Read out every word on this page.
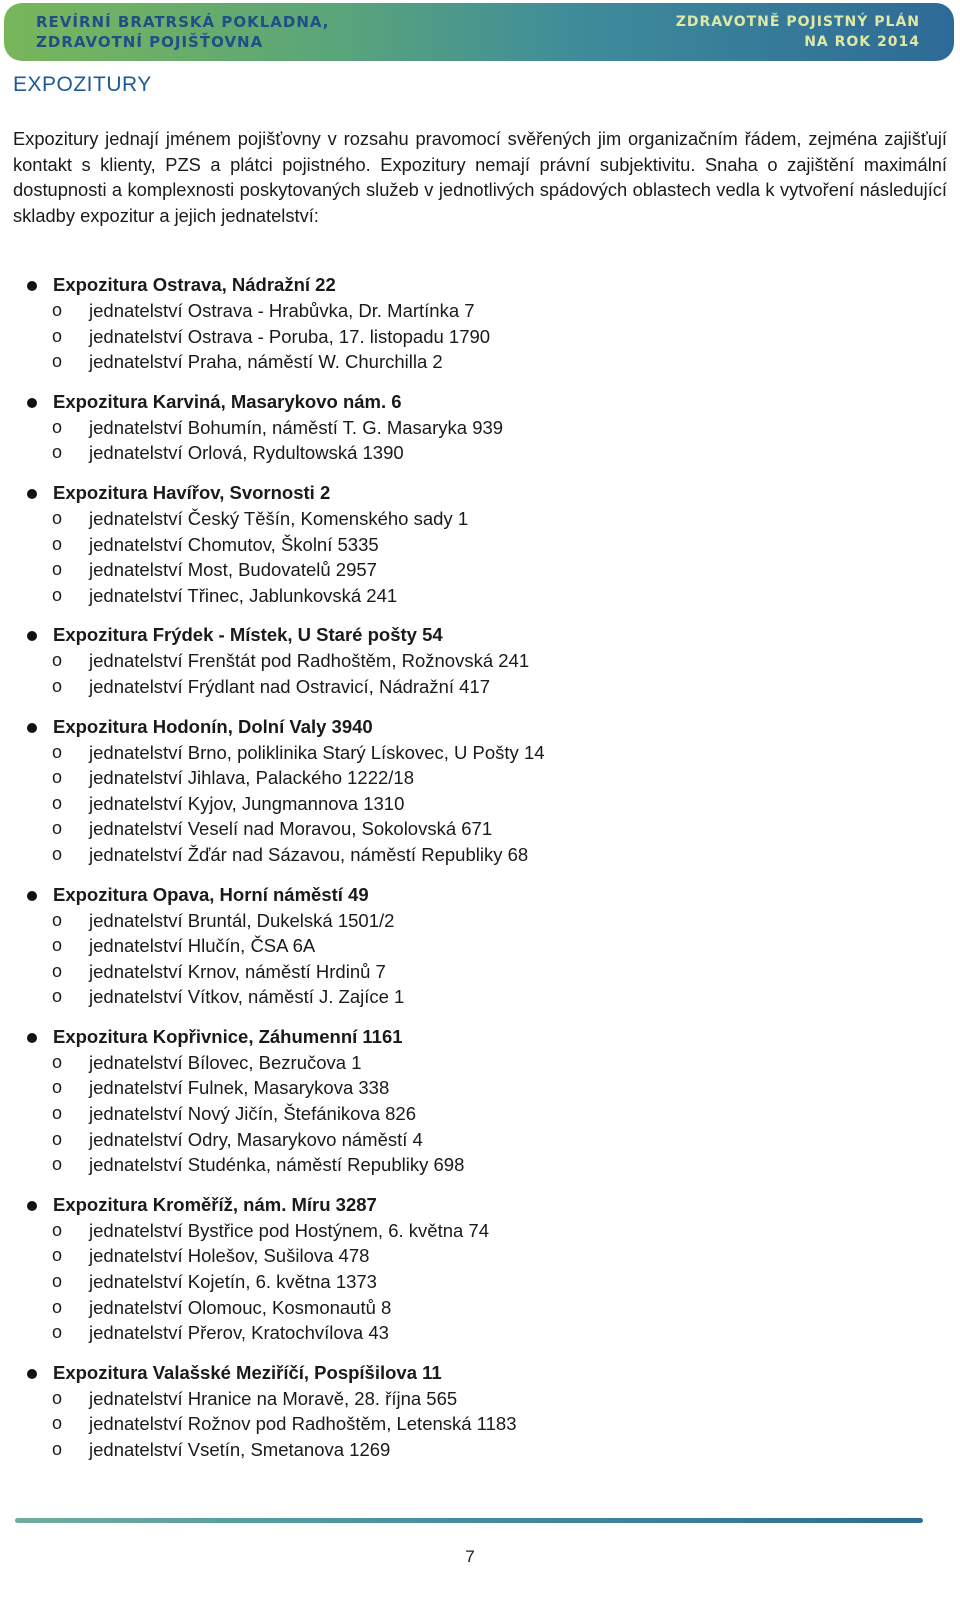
REVÍRNÍ BRATRSKÁ POKLADNA,
ZDRAVOTNÍ POJIŠŤOVNA
ZDRAVOTNĚ POJISTNÝ PLÁN
NA ROK 2014
EXPOZITURY

Expozitury jednají jménem pojišťovny v rozsahu pravomocí svěřených jim organizačním řádem, zejména zajišťují kontakt s klienty, PZS a plátci pojistného. Expozitury nemají právní subjektivitu. Snaha o zajištění maximální dostupnosti a komplexnosti poskytovaných služeb v jednotlivých spádových oblastech vedla k vytvoření následující skladby expozitur a jejich jednatelství:

Expozitura Ostrava, Nádražní 22
o jednatelství Ostrava - Hrabůvka, Dr. Martínka 7
o jednatelství Ostrava - Poruba, 17. listopadu 1790
o jednatelství Praha, náměstí W. Churchilla 2
Expozitura Karviná, Masarykovo nám. 6
o jednatelství Bohumín, náměstí T. G. Masaryka 939
o jednatelství Orlová, Rydultowská 1390
Expozitura Havířov, Svornosti 2
o jednatelství Český Těšín, Komenského sady 1
o jednatelství Chomutov, Školní 5335
o jednatelství Most, Budovatelů 2957
o jednatelství Třinec, Jablunkovská 241
Expozitura Frýdek - Místek, U Staré pošty 54
o jednatelství Frenštát pod Radhoštěm, Rožnovská 241
o jednatelství Frýdlant nad Ostravicí, Nádražní 417
Expozitura Hodonín, Dolní Valy 3940
o jednatelství Brno, poliklinika Starý Lískovec, U Pošty 14
o jednatelství Jihlava, Palackého 1222/18
o jednatelství Kyjov, Jungmannova 1310
o jednatelství Veselí nad Moravou, Sokolovská 671
o jednatelství Žďár nad Sázavou, náměstí Republiky 68
Expozitura Opava, Horní náměstí 49
o jednatelství Bruntál, Dukelská 1501/2
o jednatelství Hlučín, ČSA 6A
o jednatelství Krnov, náměstí Hrdinů 7
o jednatelství Vítkov, náměstí J. Zajíce 1
Expozitura Kopřivnice, Záhumenní 1161
o jednatelství Bílovec, Bezručova 1
o jednatelství Fulnek, Masarykova 338
o jednatelství Nový Jičín, Štefánikova 826
o jednatelství Odry, Masarykovo náměstí 4
o jednatelství Studénka, náměstí Republiky 698
Expozitura Kroměříž, nám. Míru 3287
o jednatelství Bystřice pod Hostýnem, 6. května 74
o jednatelství Holešov, Sušilova 478
o jednatelství Kojetín, 6. května 1373
o jednatelství Olomouc, Kosmonautů 8
o jednatelství Přerov, Kratochvílova 43
Expozitura Valašské Meziříčí, Pospíšilova 11
o jednatelství Hranice na Moravě, 28. října 565
o jednatelství Rožnov pod Radhoštěm, Letenská 1183
o jednatelství Vsetín, Smetanova 1269
7
